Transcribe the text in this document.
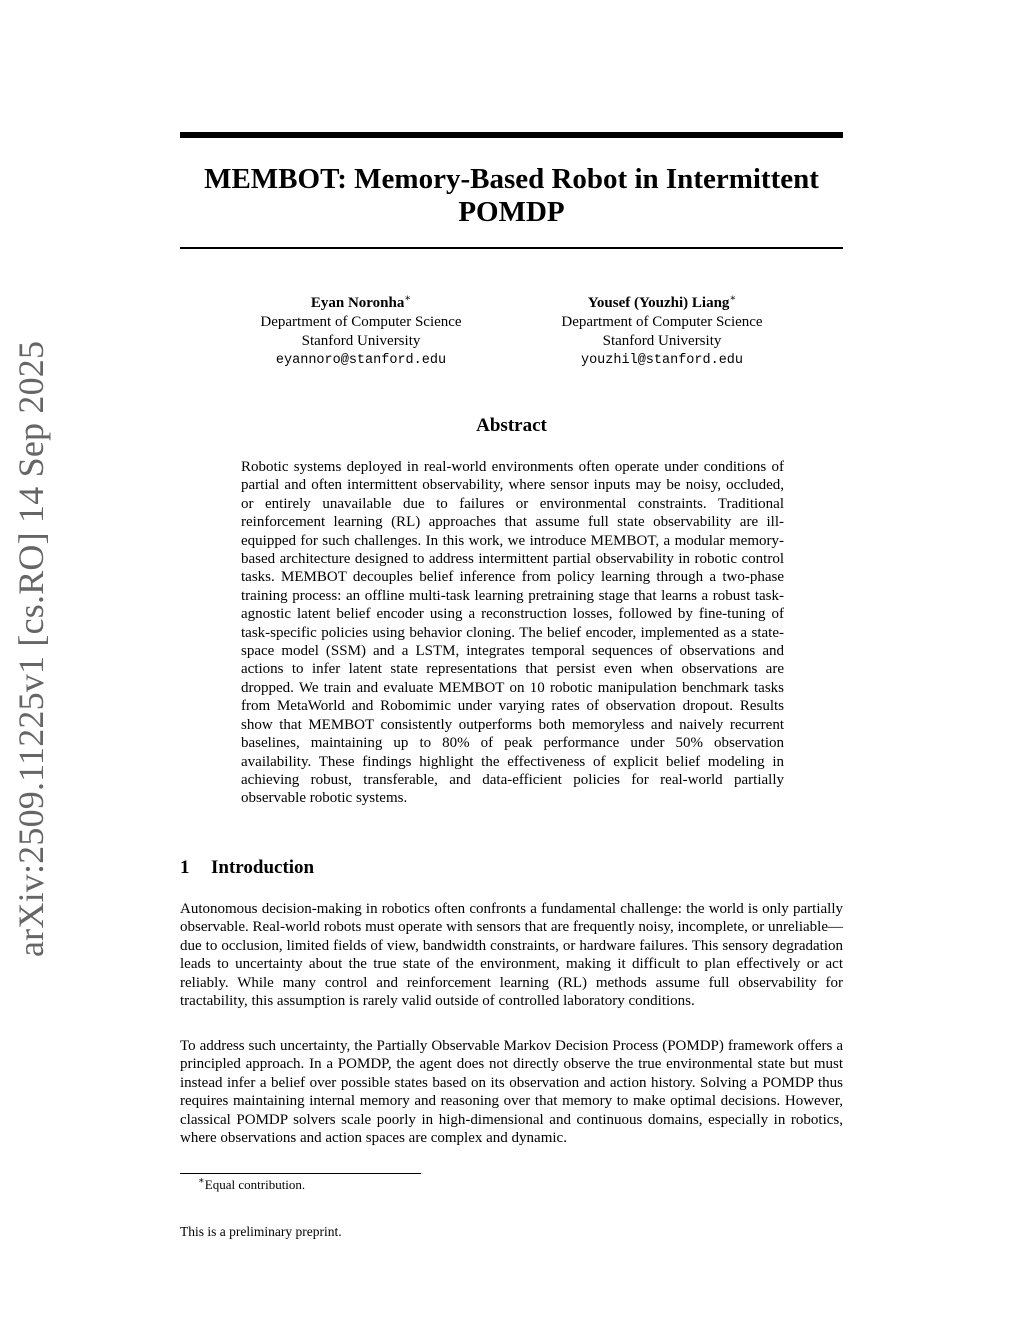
arXiv:2509.11225v1 [cs.RO] 14 Sep 2025
MEMBOT: Memory-Based Robot in Intermittent POMDP
Eyan Noronha∗
Department of Computer Science
Stanford University
eyannoro@stanford.edu
Yousef (Youzhi) Liang∗
Department of Computer Science
Stanford University
youzhil@stanford.edu
Abstract

Robotic systems deployed in real-world environments often operate under conditions of partial and often intermittent observability, where sensor inputs may be noisy, occluded, or entirely unavailable due to failures or environmental constraints. Traditional reinforcement learning (RL) approaches that assume full state observability are ill-equipped for such challenges. In this work, we introduce MEMBOT, a modular memory-based architecture designed to address intermittent partial observability in robotic control tasks. MEMBOT decouples belief inference from policy learning through a two-phase training process: an offline multi-task learning pretraining stage that learns a robust task-agnostic latent belief encoder using a reconstruction losses, followed by fine-tuning of task-specific policies using behavior cloning. The belief encoder, implemented as a state-space model (SSM) and a LSTM, integrates temporal sequences of observations and actions to infer latent state representations that persist even when observations are dropped. We train and evaluate MEMBOT on 10 robotic manipulation benchmark tasks from MetaWorld and Robomimic under varying rates of observation dropout. Results show that MEMBOT consistently outperforms both memoryless and naively recurrent baselines, maintaining up to 80% of peak performance under 50% observation availability. These findings highlight the effectiveness of explicit belief modeling in achieving robust, transferable, and data-efficient policies for real-world partially observable robotic systems.

1 Introduction

Autonomous decision-making in robotics often confronts a fundamental challenge: the world is only partially observable. Real-world robots must operate with sensors that are frequently noisy, incomplete, or unreliable—due to occlusion, limited fields of view, bandwidth constraints, or hardware failures. This sensory degradation leads to uncertainty about the true state of the environment, making it difficult to plan effectively or act reliably. While many control and reinforcement learning (RL) methods assume full observability for tractability, this assumption is rarely valid outside of controlled laboratory conditions.

To address such uncertainty, the Partially Observable Markov Decision Process (POMDP) framework offers a principled approach. In a POMDP, the agent does not directly observe the true environmental state but must instead infer a belief over possible states based on its observation and action history. Solving a POMDP thus requires maintaining internal memory and reasoning over that memory to make optimal decisions. However, classical POMDP solvers scale poorly in high-dimensional and continuous domains, especially in robotics, where observations and action spaces are complex and dynamic.

∗Equal contribution.

This is a preliminary preprint.
